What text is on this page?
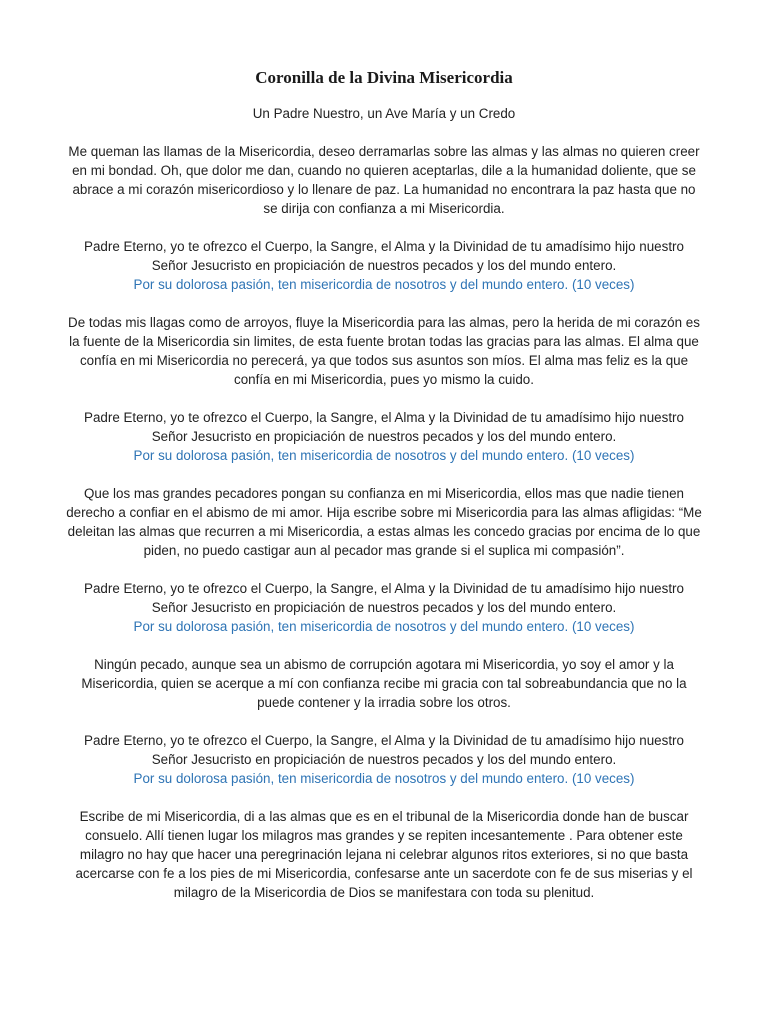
Coronilla de la Divina Misericordia
Un Padre Nuestro, un Ave María y un Credo
Me queman las llamas de la Misericordia, deseo derramarlas sobre las almas y las almas no quieren creer en mi bondad. Oh, que dolor me dan, cuando no quieren aceptarlas, dile a la humanidad doliente, que se abrace a mi corazón misericordioso y lo llenare de paz. La humanidad no encontrara la paz hasta que no se dirija con confianza a mi Misericordia.
Padre Eterno, yo te ofrezco el Cuerpo, la Sangre, el Alma y la Divinidad de tu amadísimo hijo nuestro
Señor Jesucristo en propiciación de nuestros pecados y los del mundo entero.
Por su dolorosa pasión, ten misericordia de nosotros y del mundo entero. (10 veces)
De todas mis llagas como de arroyos, fluye la Misericordia para las almas, pero la herida de mi corazón es la fuente de la Misericordia sin limites, de esta fuente brotan todas las gracias para las almas. El alma que confía en mi Misericordia no perecerá, ya que todos sus asuntos son míos. El alma mas feliz es la que confía en mi Misericordia, pues yo mismo la cuido.
Padre Eterno, yo te ofrezco el Cuerpo, la Sangre, el Alma y la Divinidad de tu amadísimo hijo nuestro
Señor Jesucristo en propiciación de nuestros pecados y los del mundo entero.
Por su dolorosa pasión, ten misericordia de nosotros y del mundo entero. (10 veces)
Que los mas grandes pecadores pongan su confianza en mi Misericordia, ellos mas que nadie tienen derecho a confiar en el abismo de mi amor. Hija escribe sobre mi Misericordia para las almas afligidas: “Me deleitan las almas que recurren a mi Misericordia, a estas almas les concedo gracias por encima de lo que piden, no puedo castigar aun al pecador mas grande si el suplica mi compasión”.
Padre Eterno, yo te ofrezco el Cuerpo, la Sangre, el Alma y la Divinidad de tu amadísimo hijo nuestro
Señor Jesucristo en propiciación de nuestros pecados y los del mundo entero.
Por su dolorosa pasión, ten misericordia de nosotros y del mundo entero. (10 veces)
Ningún pecado, aunque sea un abismo de corrupción agotara mi Misericordia, yo soy el amor y la Misericordia, quien se acerque a mí con confianza recibe mi gracia con tal sobreabundancia que no la puede contener y la irradia sobre los otros.
Padre Eterno, yo te ofrezco el Cuerpo, la Sangre, el Alma y la Divinidad de tu amadísimo hijo nuestro
Señor Jesucristo en propiciación de nuestros pecados y los del mundo entero.
Por su dolorosa pasión, ten misericordia de nosotros y del mundo entero. (10 veces)
Escribe de mi Misericordia, di a las almas que es en el tribunal de la Misericordia donde han de buscar consuelo. Allí tienen lugar los milagros mas grandes y se repiten incesantemente . Para obtener este milagro no hay que hacer una peregrinación lejana ni celebrar algunos ritos exteriores, si no que basta acercarse con fe a los pies de mi Misericordia, confesarse ante un sacerdote con fe de sus miserias y el milagro de la Misericordia de Dios se manifestara con toda su plenitud.
